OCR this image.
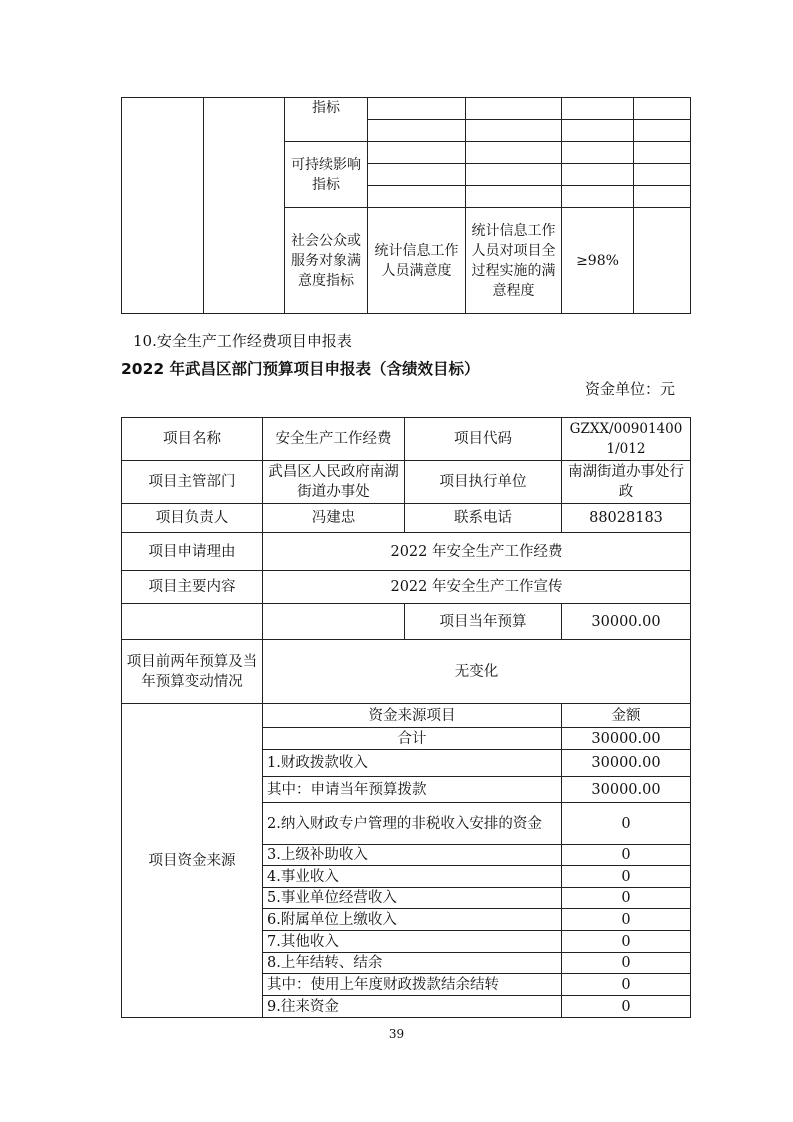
		指标				

		可持续影响指标				

		社会公众或服务对象满意度指标	统计信息工作人员满意度	统计信息工作人员对项目全过程实施的满意程度	≥98%	
10.安全生产工作经费项目申报表
2022 年武昌区部门预算项目申报表（含绩效目标）
资金单位：元
项目名称	安全生产工作经费	项目代码	GZXX/009014001/012
项目主管部门	武昌区人民政府南湖街道办事处	项目执行单位	南湖街道办事处行政
项目负责人	冯建忠	联系电话	88028183
项目申请理由	2022 年安全生产工作经费		
项目主要内容	2022 年安全生产工作宣传		
		项目当年预算	30000.00
项目前两年预算及当年预算变动情况	无变化		
项目资金来源	资金来源项目		金额
	合计		30000.00
	1.财政拨款收入		30000.00
	其中：申请当年预算拨款		30000.00
	2.纳入财政专户管理的非税收入安排的资金		0
	3.上级补助收入		0
	4.事业收入		0
	5.事业单位经营收入		0
	6.附属单位上缴收入		0
	7.其他收入		0
	8.上年结转、结余		0
	其中：使用上年度财政拨款结余结转		0
	9.往来资金		0
39
